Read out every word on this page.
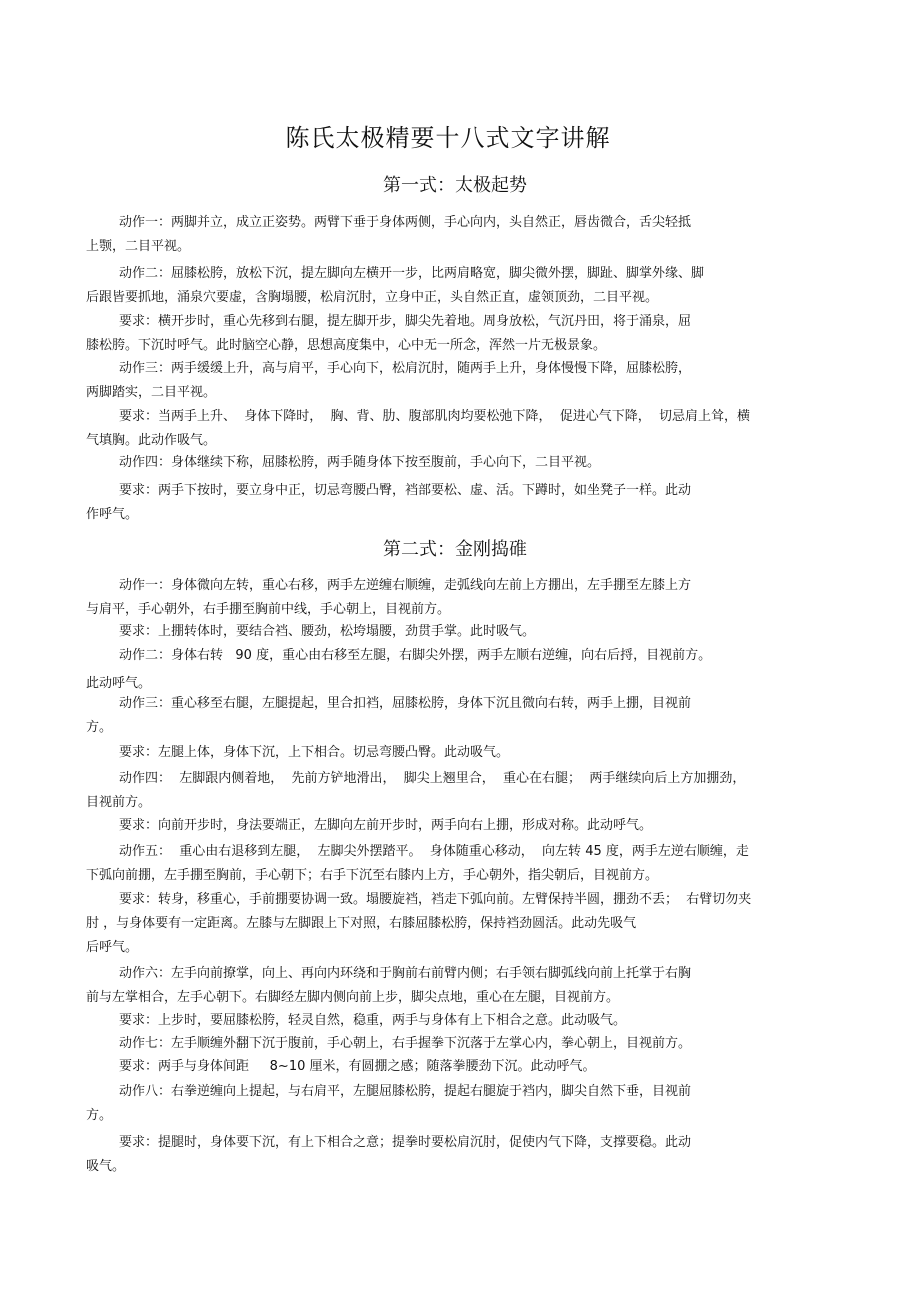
陈氏太极精要十八式文字讲解
第一式：太极起势
动作一：两脚并立，成立正姿势。两臂下垂于身体两侧，手心向内，头自然正，唇齿微合，舌尖轻抵
上颚，二目平视。
动作二：屈膝松胯，放松下沉，提左脚向左横开一步，比两肩略宽，脚尖微外摆，脚趾、脚掌外缘、脚
后跟皆要抓地，涌泉穴要虚，含胸塌腰，松肩沉肘，立身中正，头自然正直，虚领顶劲，二目平视。
要求：横开步时，重心先移到右腿，提左脚开步，脚尖先着地。周身放松，气沉丹田，将于涌泉，屈
膝松胯。下沉时呼气。此时脑空心静，思想高度集中，心中无一所念，浑然一片无极景象。
动作三：两手缓缓上升，高与肩平，手心向下，松肩沉肘，随两手上升，身体慢慢下降，屈膝松胯，
两脚踏实，二目平视。
要求：当两手上升、  身体下降时，  胸、背、肋、腹部肌肉均要松弛下降，  促进心气下降，  切忌肩上耸，横
气填胸。此动作吸气。
动作四：身体继续下称，屈膝松胯，两手随身体下按至腹前，手心向下，二目平视。
要求：两手下按时，要立身中正，切忌弯腰凸臀，裆部要松、虚、活。下蹲时，如坐凳子一样。此动
作呼气。
第二式：金刚捣碓
动作一：身体微向左转，重心右移，两手左逆缠右顺缠，走弧线向左前上方掤出，左手掤至左膝上方
与肩平，手心朝外，右手掤至胸前中线，手心朝上，目视前方。
要求：上掤转体时，要结合裆、腰劲，松垮塌腰，劲贯手掌。此时吸气。
动作二：身体右转   90 度，重心由右移至左腿，右脚尖外摆，两手左顺右逆缠，向右后捋，目视前方。
此动呼气。
动作三：重心移至右腿，左腿提起，里合扣裆，屈膝松胯，身体下沉且微向右转，两手上掤，目视前
方。
要求：左腿上体，身体下沉，上下相合。切忌弯腰凸臀。此动吸气。
动作四：  左脚跟内侧着地，  先前方铲地滑出，  脚尖上翘里合，  重心在右腿；  两手继续向后上方加掤劲，
目视前方。
要求：向前开步时，身法要端正，左脚向左前开步时，两手向右上掤，形成对称。此动呼气。
动作五：  重心由右退移到左腿，  左脚尖外摆踏平。  身体随重心移动，  向左转 45 度，两手左逆右顺缠，走
下弧向前掤，左手掤至胸前，手心朝下；右手下沉至右膝内上方，手心朝外，指尖朝后，目视前方。
要求：转身，移重心，手前掤要协调一致。塌腰旋裆，裆走下弧向前。左臂保持半圆，掤劲不丢；  右臂切勿夹
肘 ，与身体要有一定距离。左膝与左脚跟上下对照，右膝屈膝松胯，保持裆劲圆活。此动先吸气
后呼气。
动作六：左手向前撩掌，向上、再向内环绕和于胸前右前臂内侧；右手领右脚弧线向前上托掌于右胸
前与左掌相合，左手心朝下。右脚经左脚内侧向前上步，脚尖点地，重心在左腿，目视前方。
要求：上步时，要屈膝松胯，轻灵自然，稳重，两手与身体有上下相合之意。此动吸气。
动作七：左手顺缠外翻下沉于腹前，手心朝上，右手握拳下沉落于左掌心内，拳心朝上，目视前方。
要求：两手与身体间距     8~10 厘米，有圆掤之感；随落拳腰劲下沉。此动呼气。
动作八：右拳逆缠向上提起，与右肩平，左腿屈膝松胯，提起右腿旋于裆内，脚尖自然下垂，目视前
方。
要求：提腿时，身体要下沉，有上下相合之意；提拳时要松肩沉肘，促使内气下降，支撑要稳。此动
吸气。
